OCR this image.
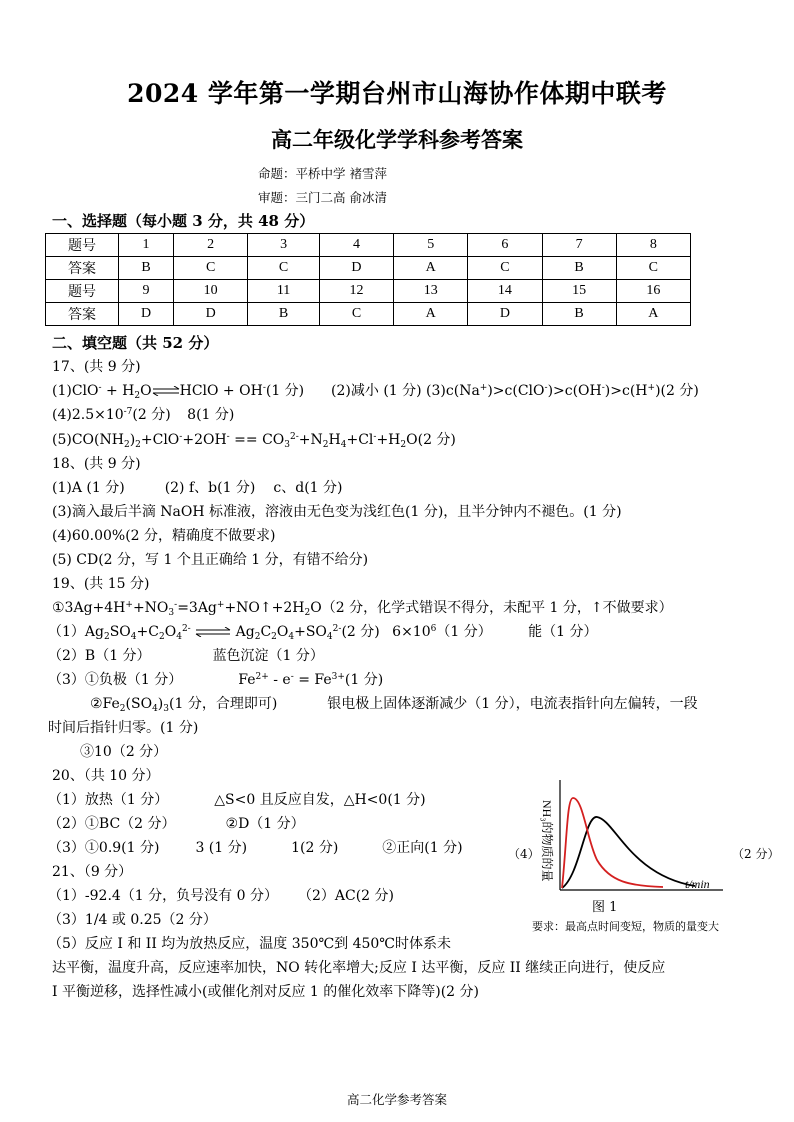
2024 学年第一学期台州市山海协作体期中联考
高二年级化学学科参考答案
命题：平桥中学 褚雪萍
审题：三门二高 俞冰清
一、选择题（每小题 3 分，共 48 分）
题号	1	2	3	4	5	6	7	8
答案	B	C	C	D	A	C	B	C
题号	9	10	11	12	13	14	15	16
答案	D	D	B	C	A	D	B	A
二、填空题（共 52 分）
17、(共 9 分)
$(1)ClO^- + H_2O\rightleftharpoons HClO + OH^-(1$ 分) (2)减小 (1 分) (3)c(Na+)>c(ClO-)>c(OH-)>c(H+)(2 分)
$(4)2.5\times 10^{-7}(2$ 分) 8(1 分)
$(5)CO(NH_2)_2+ClO^-+2OH^- == CO_3^{2-}+N_2H_4+Cl^-+H_2O(2$ 分)
18、(共 9 分)
(1)A (1 分)	(2) f、b(1 分) c、d(1 分)
(3)滴入最后半滴 NaOH 标准液，溶液由无色变为浅红色(1 分)，且半分钟内不褪色。(1 分)
(4)60.00%(2 分，精确度不做要求)
(5) CD(2 分，写 1 个且正确给 1 分，有错不给分)
19、(共 15 分)
$①3Ag+4H^++NO_3^-=3Ag^++NO↑+2H_2O(2$ 分，化学式错误不得分，未配平 1 分，↑不做要求）
$(1)Ag_2SO_4+C_2O_4^{2-}$ ⇌ $Ag_2C_2O_4+SO_4^{2-}(2$ 分) $6\times 10^6(1$ 分）	能（1 分）
（2）B（1 分）	蓝色沉淀（1 分）
（3）①负极（1 分）	$Fe^{2+} - e^- = Fe^{3+}(1$ 分)
$②Fe_2(SO_4)_3(1$ 分，合理即可)	银电极上固体逐渐减少（1 分），电流表指针向左偏转，一段
时间后指针归零。(1 分)
③10（2 分）
20、（共 10 分）
（1）放热（1 分）	△S<0 且反应自发，△H<0(1 分)
（2）①BC（2 分）	②D（1 分）
（3）①0.9(1 分)	3 (1 分)	1(2 分)	②正向(1 分)	（4）	（2 分）
NH₃的物质的量
t/min
图 1
要求：最高点时间变短，物质的量变大
21、（9 分）
（1）-92.4（1 分，负号没有 0 分） （2）AC(2 分)
（3）1/4 或 0.25（2 分）
（5）反应 I 和 II 均为放热反应，温度 350℃到 450℃时体系未
达平衡，温度升高，反应速率加快，NO 转化率增大;反应 I 达平衡，反应 II 继续正向进行，使反应
I 平衡逆移，选择性减小(或催化剂对反应 1 的催化效率下降等)(2 分)
高二化学参考答案
